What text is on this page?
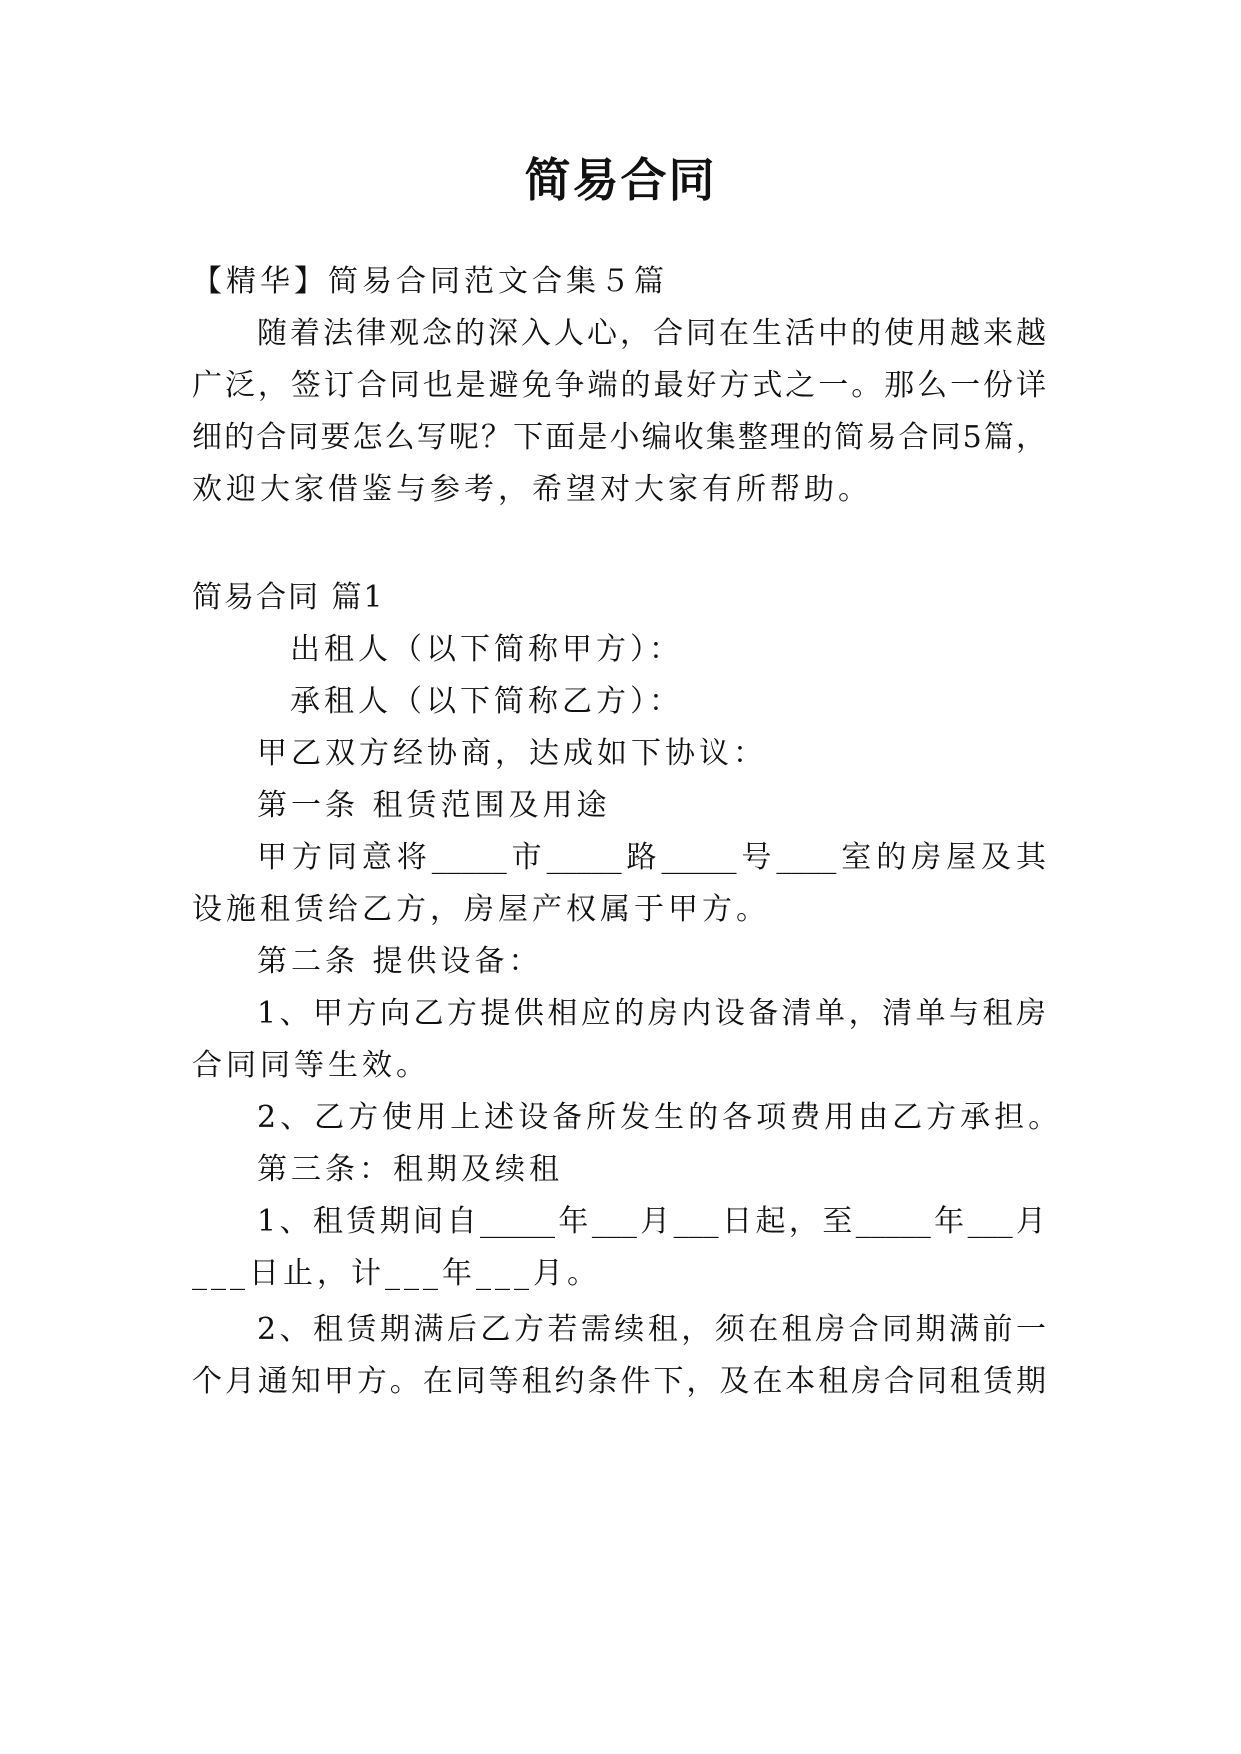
简易合同
【精华】简易合同范文合集５篇
随着法律观念的深入人心，合同在生活中的使用越来越
广泛，签订合同也是避免争端的最好方式之一。那么一份详
细的合同要怎么写呢？下面是小编收集整理的简易合同5篇，
欢迎大家借鉴与参考，希望对大家有所帮助。
简易合同 篇1
出租人（以下简称甲方）：
承租人（以下简称乙方）：
甲乙双方经协商，达成如下协议：
第一条 租赁范围及用途
甲方同意将_____市_____路_____号____室的房屋及其
设施租赁给乙方，房屋产权属于甲方。
第二条 提供设备：
1、甲方向乙方提供相应的房内设备清单，清单与租房
合同同等生效。
2、乙方使用上述设备所发生的各项费用由乙方承担。
第三条：租期及续租
1、租赁期间自_____年___月___日起，至_____年___月
___日止，计___年___月。
2、租赁期满后乙方若需续租，须在租房合同期满前一
个月通知甲方。在同等租约条件下，及在本租房合同租赁期
